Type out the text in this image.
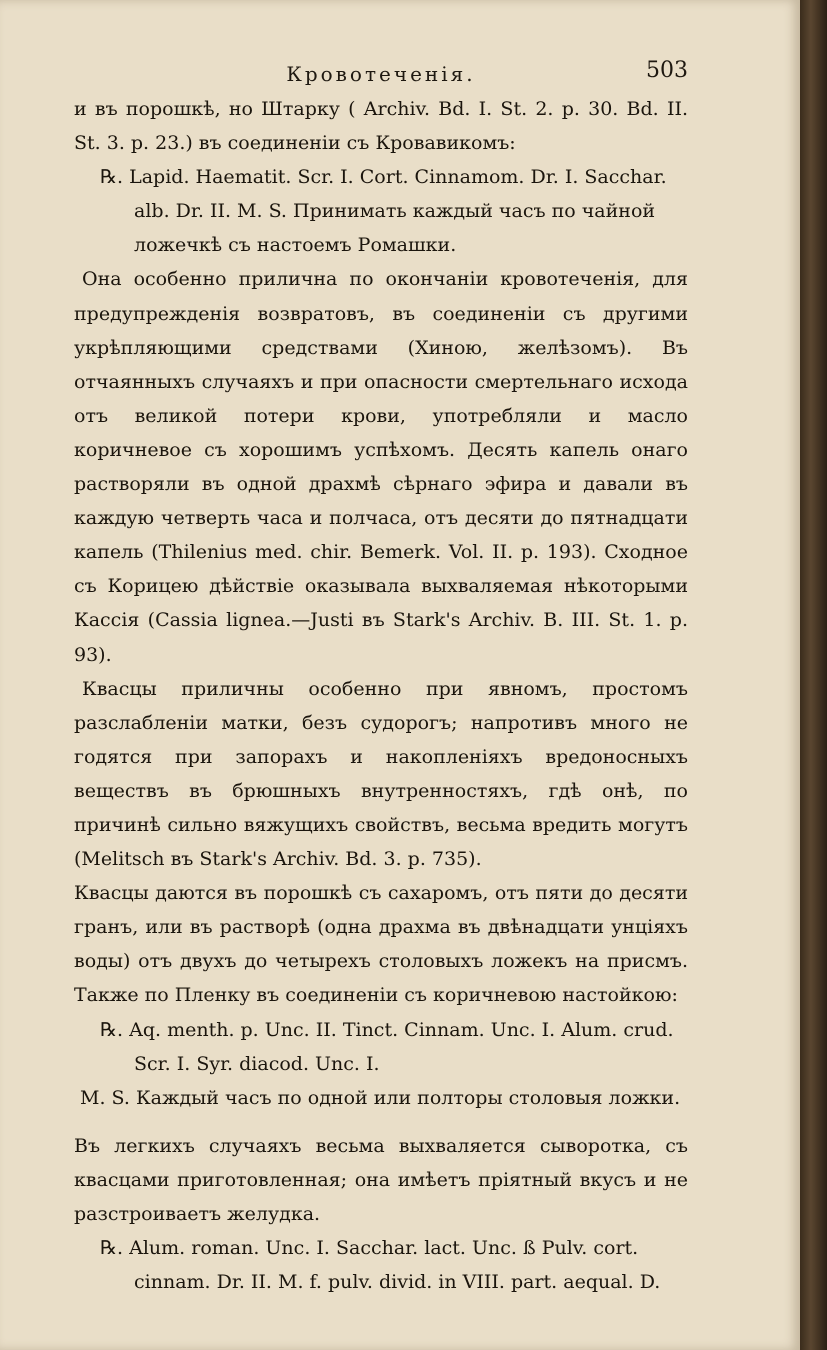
Кровотеченія.	503

и въ порошкѣ, но Штарку ( Archiv. Bd. I. St. 2. p. 30. Bd. II. St. 3. p. 23.) въ соединеніи съ Кровавикомъ:

℞. Lapid. Haematit. Scr. I. Cort. Cinnamom. Dr. I. Sacchar. alb. Dr. II. M. S. Принимать каждый часъ по чайной ложечкѣ съ настоемъ Ромашки.

Она особенно прилична по окончаніи кровотеченія, для предупрежденія возвратовъ, въ соединеніи съ другими укрѣпляющими средствами (Хиною, желѣзомъ). Въ отчаянныхъ случаяхъ и при опасности смертельнаго исхода отъ великой потери крови, употребляли и масло коричневое съ хорошимъ успѣхомъ. Десять капель онаго растворяли въ одной драхмѣ сѣрнаго эфира и давали въ каждую четверть часа и полчаса, отъ десяти до пятнадцати капель (Thilenius med. chir. Bemerk. Vol. II. p. 193). Сходное съ Корицею дѣйствіе оказывала выхваляемая нѣкоторыми Кассія (Cassia lignea.—Justi въ Stark's Archiv. B. III. St. 1. p. 93).

Квасцы приличны особенно при явномъ, простомъ разслабленіи матки, безъ судорогъ; напротивъ много не годятся при запорахъ и накопленіяхъ вредоносныхъ веществъ въ брюшныхъ внутренностяхъ, гдѣ онѣ, по причинѣ сильно вяжущихъ свойствъ, весьма вредить могутъ (Melitsch въ Stark's Archiv. Bd. 3. p. 735).

Квасцы даются въ порошкѣ съ сахаромъ, отъ пяти до десяти гранъ, или въ растворѣ (одна драхма въ двѣнадцати унціяхъ воды) отъ двухъ до четырехъ столовыхъ ложекъ на присмъ. Также по Пленку въ соединеніи съ коричневою настойкою:

℞. Aq. menth. p. Unc. II. Tinct. Cinnam. Unc. I. Alum. crud. Scr. I. Syr. diacod. Unc. I.

M. S. Каждый часъ по одной или полторы столовыя ложки.

Въ легкихъ случаяхъ весьма выхваляется сыворотка, съ квасцами приготовленная; она имѣетъ пріятный вкусъ и не разстроиваетъ желудка.

℞. Alum. roman. Unc. I. Sacchar. lact. Unc. ß Pulv. cort. cinnam. Dr. II. M. f. pulv. divid. in VIII. part. aequal. D.
